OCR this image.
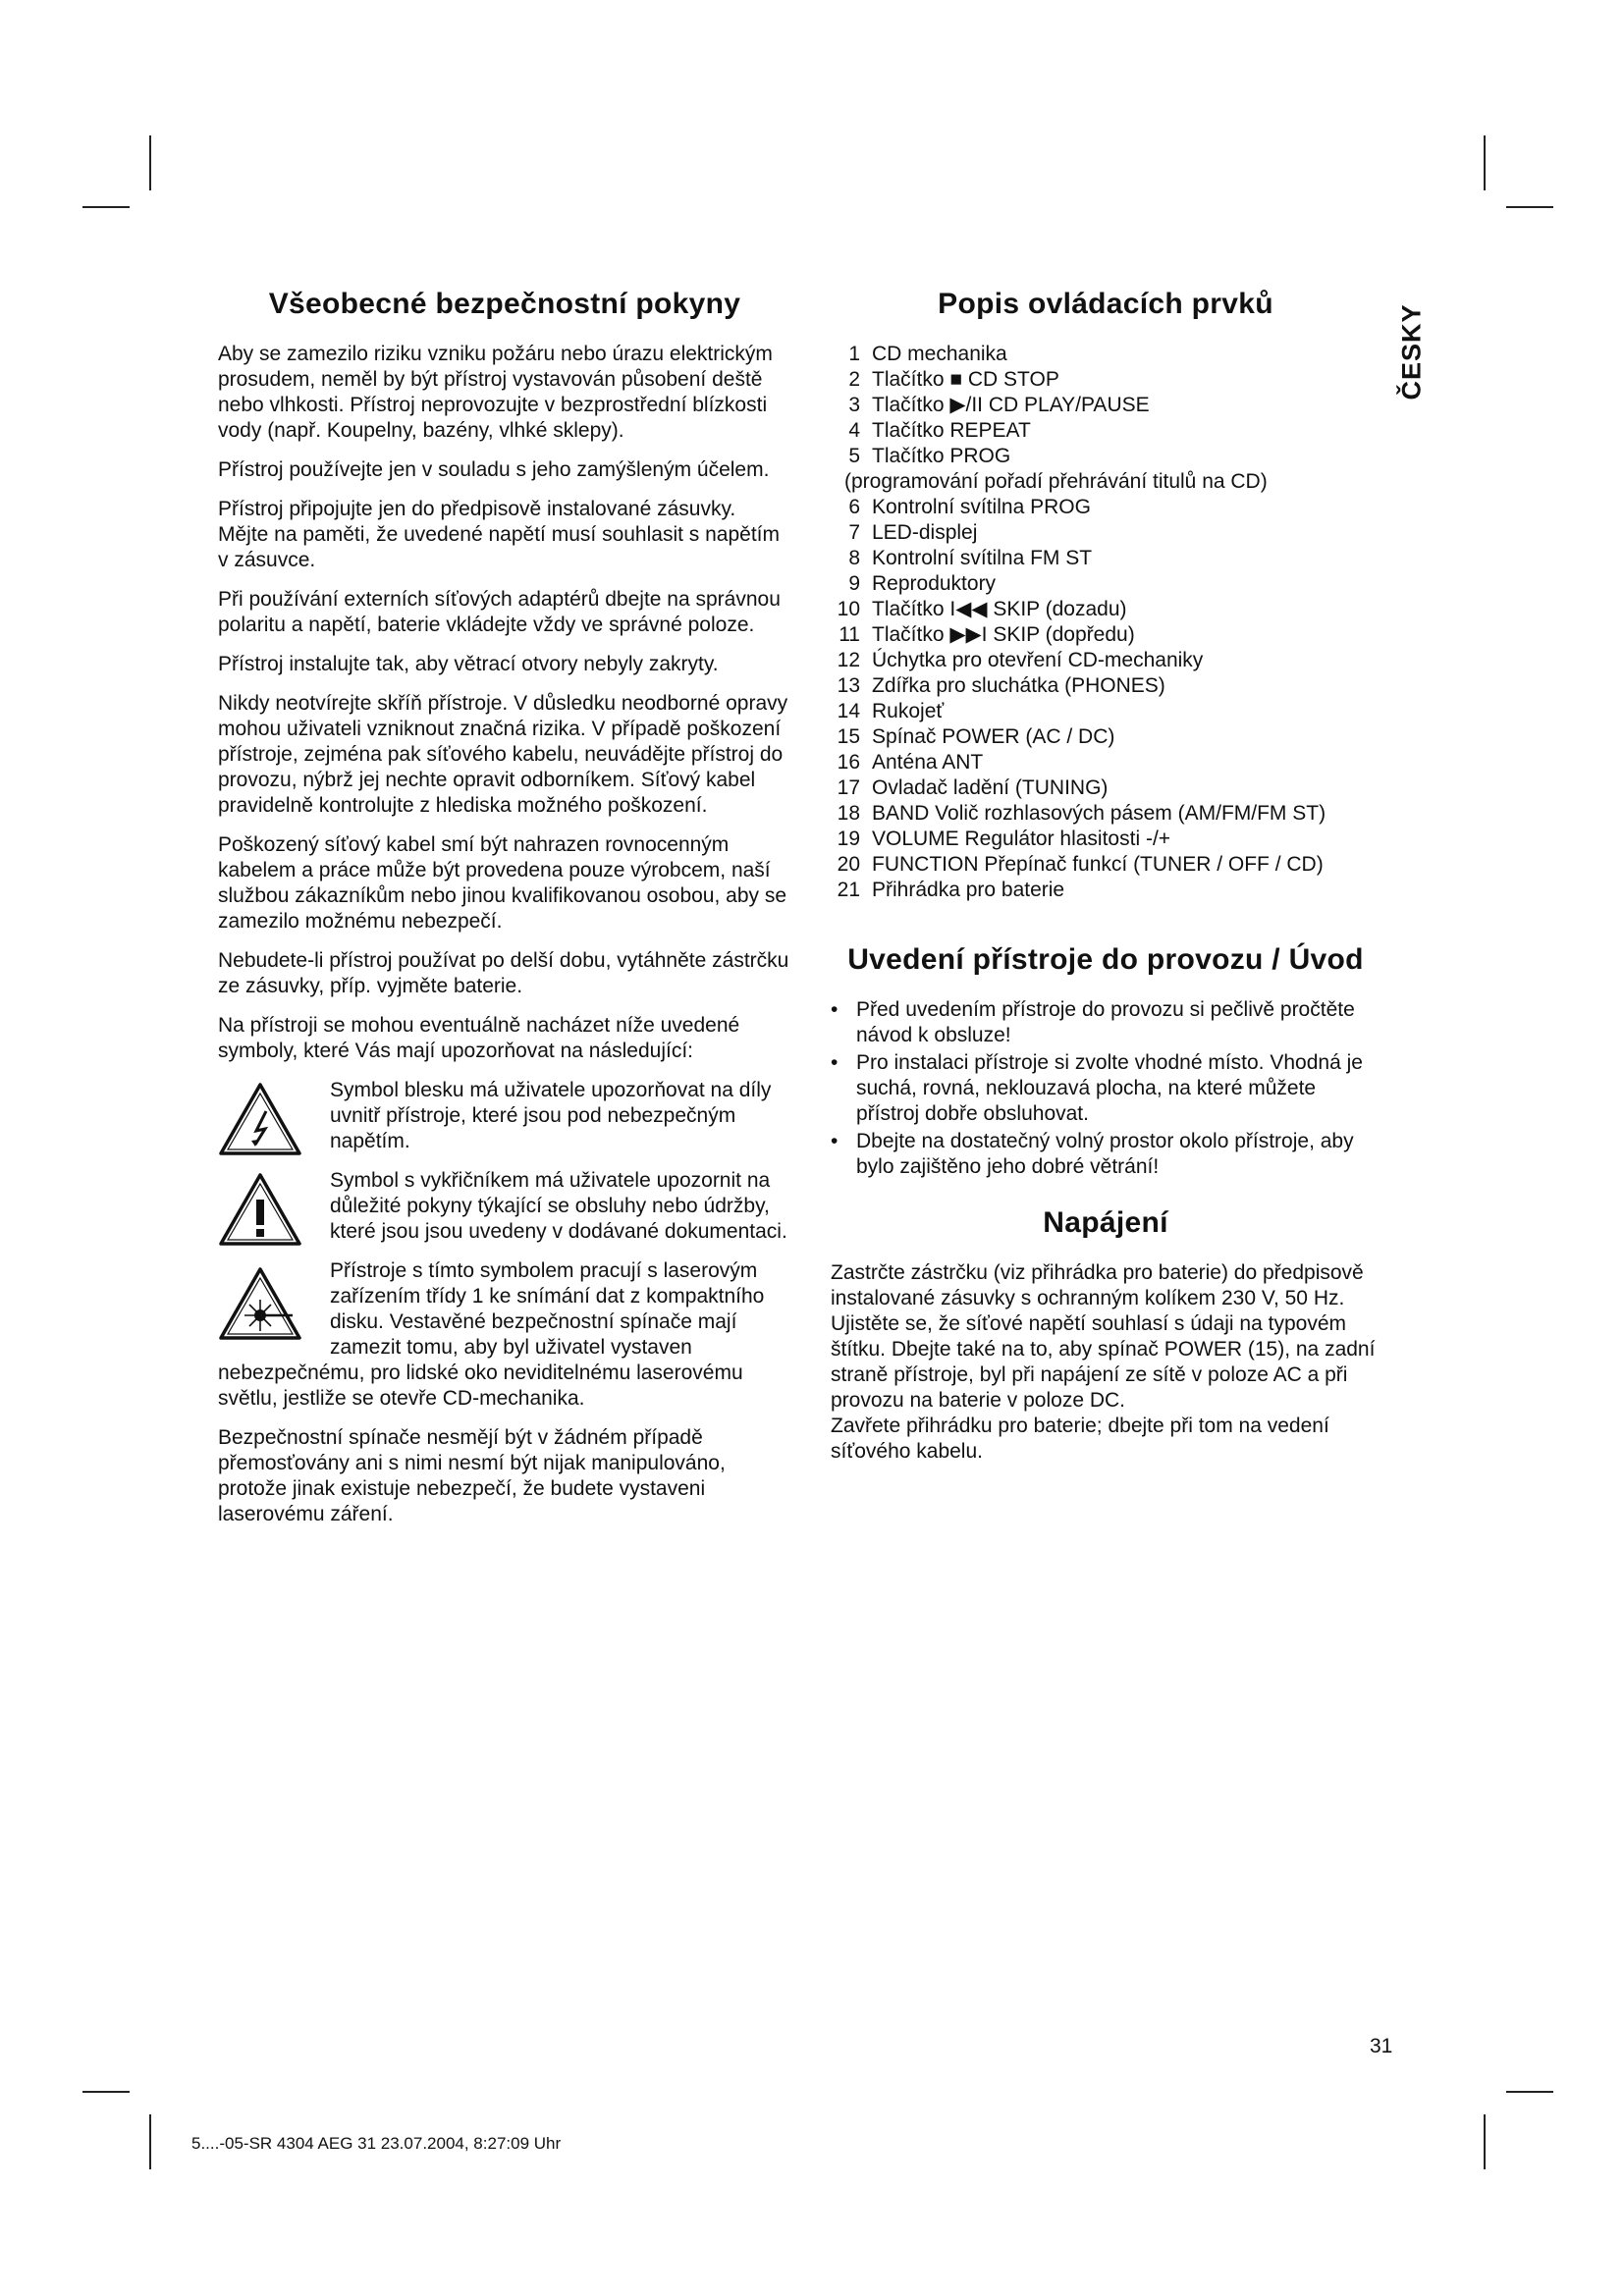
ČESKY
Všeobecné bezpečnostní pokyny

Aby se zamezilo riziku vzniku požáru nebo úrazu elektrickým prosudem, neměl by být přístroj vystavován působení deště nebo vlhkosti. Přístroj neprovozujte v bezprostřední blízkosti vody (např. Koupelny, bazény, vlhké sklepy).

Přístroj používejte jen v souladu s jeho zamýšleným účelem.

Přístroj připojujte jen do předpisově instalované zásuvky. Mějte na paměti, že uvedené napětí musí souhlasit s napětím v zásuvce.

Při používání externích síťových adaptérů dbejte na správnou polaritu a napětí, baterie vkládejte vždy ve správné poloze.

Přístroj instalujte tak, aby větrací otvory nebyly zakryty.

Nikdy neotvírejte skříň přístroje. V důsledku neodborné opravy mohou uživateli vzniknout značná rizika. V případě poškození přístroje, zejména pak síťového kabelu, neuvádějte přístroj do provozu, nýbrž jej nechte opravit odborníkem. Síťový kabel pravidelně kontrolujte z hlediska možného poškození.

Poškozený síťový kabel smí být nahrazen rovnocenným kabelem a práce může být provedena pouze výrobcem, naší službou zákazníkům nebo jinou kvalifikovanou osobou, aby se zamezilo možnému nebezpečí.

Nebudete-li přístroj používat po delší dobu, vytáhněte zástrčku ze zásuvky, příp. vyjměte baterie.

Na přístroji se mohou eventuálně nacházet níže uvedené symboly, které Vás mají upozorňovat na následující:

Symbol blesku má uživatele upozorňovat na díly uvnitř přístroje, které jsou pod nebezpečným napětím.
Symbol s vykřičníkem má uživatele upozornit na důležité pokyny týkající se obsluhy nebo údržby, které jsou jsou uvedeny v dodávané dokumentaci.
Přístroje s tímto symbolem pracují s laserovým zařízením třídy 1 ke snímání dat z kompaktního disku. Vestavěné bezpečnostní spínače mají zamezit tomu, aby byl uživatel vystaven nebezpečnému, pro lidské oko neviditelnému laserovému světlu, jestliže se otevře CD-mechanika.

Bezpečnostní spínače nesmějí být v žádném případě přemosťovány ani s nimi nesmí být nijak manipulováno, protože jinak existuje nebezpečí, že budete vystaveni laserovému záření.

Popis ovládacích prvků
1 CD mechanika
2 Tlačítko ■ CD STOP
3 Tlačítko ▶/II CD PLAY/PAUSE
4 Tlačítko REPEAT
5 Tlačítko PROG
(programování pořadí přehrávání titulů na CD)
6 Kontrolní svítilna PROG
7 LED-displej
8 Kontrolní svítilna FM ST
9 Reproduktory
10 Tlačítko I◀◀ SKIP (dozadu)
11 Tlačítko ▶▶I SKIP (dopředu)
12 Úchytka pro otevření CD-mechaniky
13 Zdířka pro sluchátka (PHONES)
14 Rukojeť
15 Spínač POWER (AC / DC)
16 Anténa ANT
17 Ovladač ladění (TUNING)
18 BAND Volič rozhlasových pásem (AM/FM/FM ST)
19 VOLUME Regulátor hlasitosti -/+
20 FUNCTION Přepínač funkcí (TUNER / OFF / CD)
21 Přihrádka pro baterie
Uvedení přístroje do provozu / Úvod
• Před uvedením přístroje do provozu si pečlivě pročtěte návod k obsluze!
• Pro instalaci přístroje si zvolte vhodné místo. Vhodná je suchá, rovná, neklouzavá plocha, na které můžete přístroj dobře obsluhovat.
• Dbejte na dostatečný volný prostor okolo přístroje, aby bylo zajištěno jeho dobré větrání!
Napájení

Zastrčte zástrčku (viz přihrádka pro baterie) do předpisově instalované zásuvky s ochranným kolíkem 230 V, 50 Hz. Ujistěte se, že síťové napětí souhlasí s údaji na typovém štítku. Dbejte také na to, aby spínač POWER (15), na zadní straně přístroje, byl při napájení ze sítě v poloze AC a při provozu na baterie v poloze DC.

Zavřete přihrádku pro baterie; dbejte při tom na vedení síťového kabelu.

31
5....-05-SR 4304 AEG 31 23.07.2004, 8:27:09 Uhr
